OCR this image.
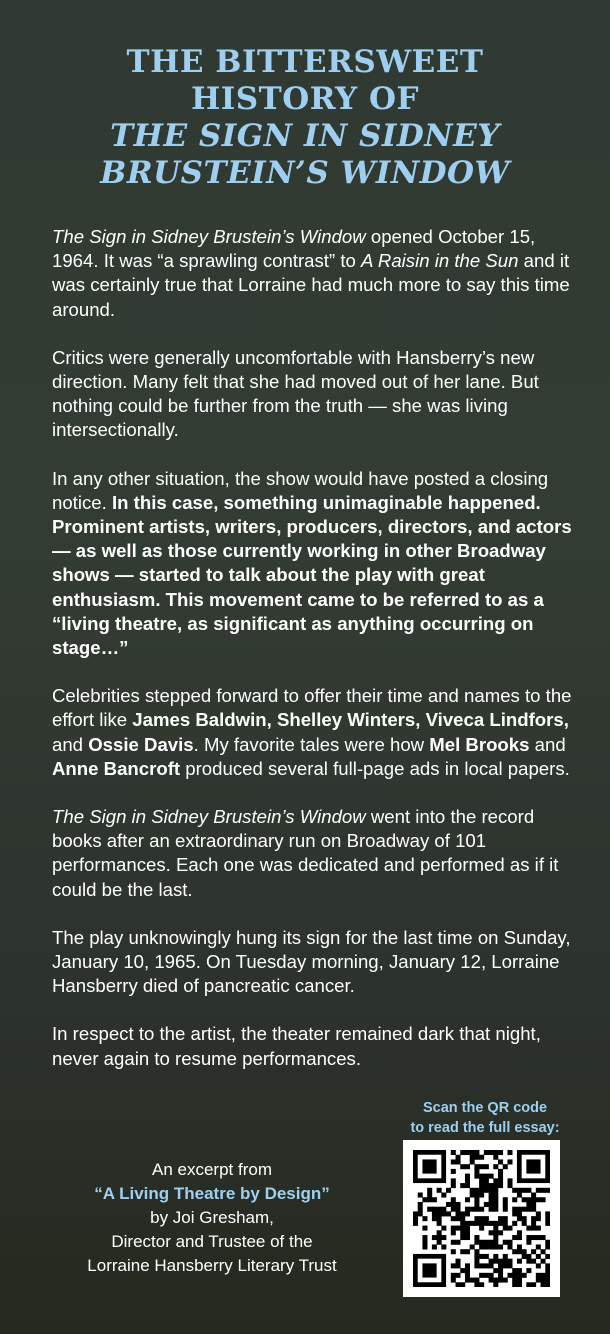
THE BITTERSWEET
HISTORY OF
THE SIGN IN SIDNEY
BRUSTEIN’S WINDOW

The Sign in Sidney Brustein’s Window opened October 15, 1964. It was “a sprawling contrast” to A Raisin in the Sun and it was certainly true that Lorraine had much more to say this time around.

Critics were generally uncomfortable with Hansberry’s new direction. Many felt that she had moved out of her lane. But nothing could be further from the truth — she was living intersectionally.

In any other situation, the show would have posted a closing notice. In this case, something unimaginable happened. Prominent artists, writers, producers, directors, and actors — as well as those currently working in other Broadway shows — started to talk about the play with great enthusiasm. This movement came to be referred to as a “living theatre, as significant as anything occurring on stage…”

Celebrities stepped forward to offer their time and names to the effort like James Baldwin, Shelley Winters, Viveca Lindfors, and Ossie Davis. My favorite tales were how Mel Brooks and Anne Bancroft produced several full-page ads in local papers.

The Sign in Sidney Brustein’s Window went into the record books after an extraordinary run on Broadway of 101 performances. Each one was dedicated and performed as if it could be the last.

The play unknowingly hung its sign for the last time on Sunday, January 10, 1965. On Tuesday morning, January 12, Lorraine Hansberry died of pancreatic cancer.

In respect to the artist, the theater remained dark that night, never again to resume performances.

An excerpt from
“A Living Theatre by Design”
by Joi Gresham,
Director and Trustee of the
Lorraine Hansberry Literary Trust
Scan the QR code
to read the full essay:
